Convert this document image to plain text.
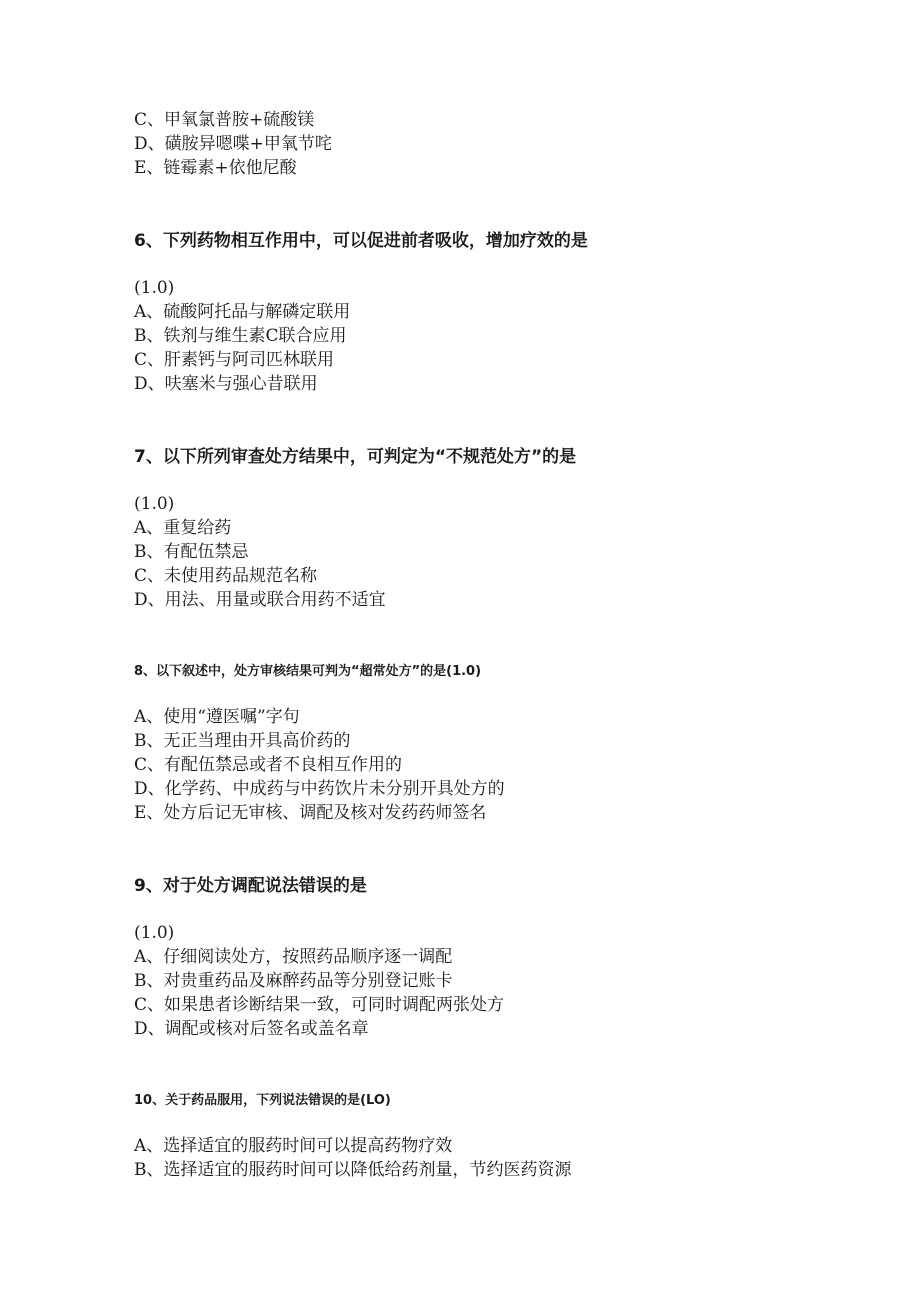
C、甲氧氯普胺+硫酸镁
D、磺胺异嗯喋+甲氧节咤
E、链霉素+依他尼酸
6、下列药物相互作用中，可以促进前者吸收，增加疗效的是
(1.0)
A、硫酸阿托品与解磷定联用
B、铁剂与维生素C联合应用
C、肝素钙与阿司匹林联用
D、呋塞米与强心昔联用
7、以下所列审查处方结果中，可判定为“不规范处方”的是
(1.0)
A、重复给药
B、有配伍禁忌
C、未使用药品规范名称
D、用法、用量或联合用药不适宜
8、以下叙述中，处方审核结果可判为“超常处方”的是(1.0)
A、使用“遵医嘱”字句
B、无正当理由开具高价药的
C、有配伍禁忌或者不良相互作用的
D、化学药、中成药与中药饮片未分别开具处方的
E、处方后记无审核、调配及核对发药药师签名
9、对于处方调配说法错误的是
(1.0)
A、仔细阅读处方，按照药品顺序逐一调配
B、对贵重药品及麻醉药品等分别登记账卡
C、如果患者诊断结果一致，可同时调配两张处方
D、调配或核对后签名或盖名章
10、关于药品服用，下列说法错误的是(LO)
A、选择适宜的服药时间可以提高药物疗效
B、选择适宜的服药时间可以降低给药剂量，节约医药资源
